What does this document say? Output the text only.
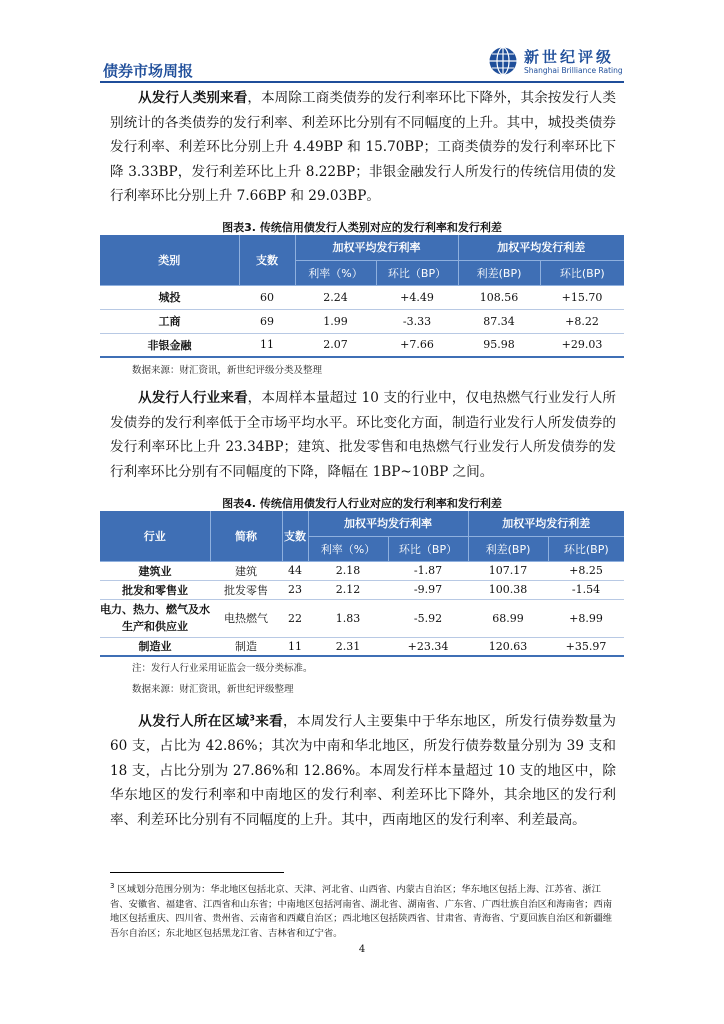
债券市场周报
新世纪评级
Shanghai Brilliance Rating
从发行人类别来看，本周除工商类债券的发行利率环比下降外，其余按发行人类别统计的各类债券的发行利率、利差环比分别有不同幅度的上升。其中，城投类债券发行利率、利差环比分别上升 4.49BP 和 15.70BP；工商类债券的发行利率环比下降 3.33BP，发行利差环比上升 8.22BP；非银金融发行人所发行的传统信用债的发行利率环比分别上升 7.66BP 和 29.03BP。
图表3. 传统信用债发行人类别对应的发行利率和发行利差
类别	支数	加权平均发行利率		加权平均发行利差	
		利率（%）	环比（BP）	利差(BP)	环比(BP)
城投	60	2.24	+4.49	108.56	+15.70
工商	69	1.99	-3.33	87.34	+8.22
非银金融	11	2.07	+7.66	95.98	+29.03
数据来源：财汇资讯，新世纪评级分类及整理
从发行人行业来看，本周样本量超过 10 支的行业中，仅电热燃气行业发行人所发债券的发行利率低于全市场平均水平。环比变化方面，制造行业发行人所发债券的发行利率环比上升 23.34BP；建筑、批发零售和电热燃气行业发行人所发债券的发行利率环比分别有不同幅度的下降，降幅在 1BP~10BP 之间。
图表4. 传统信用债发行人行业对应的发行利率和发行利差
行业	简称	支数	加权平均发行利率		加权平均发行利差	
			利率（%）	环比（BP）	利差(BP)	环比(BP)
建筑业	建筑	44	2.18	-1.87	107.17	+8.25
批发和零售业	批发零售	23	2.12	-9.97	100.38	-1.54
电力、热力、燃气及水生产和供应业	电热燃气	22	1.83	-5.92	68.99	+8.99
制造业	制造	11	2.31	+23.34	120.63	+35.97
注：发行人行业采用证监会一级分类标准。
数据来源：财汇资讯，新世纪评级整理
从发行人所在区域$^3$来看，本周发行人主要集中于华东地区，所发行债券数量为 60 支，占比为 42.86%；其次为中南和华北地区，所发行债券数量分别为 39 支和 18 支，占比分别为 27.86%和 12.86%。本周发行样本量超过 10 支的地区中，除华东地区的发行利率和中南地区的发行利率、利差环比下降外，其余地区的发行利率、利差环比分别有不同幅度的上升。其中，西南地区的发行利率、利差最高。
$^3$ 区域划分范围分别为：华北地区包括北京、天津、河北省、山西省、内蒙古自治区；华东地区包括上海、江苏省、浙江省、安徽省、福建省、江西省和山东省；中南地区包括河南省、湖北省、湖南省、广东省、广西壮族自治区和海南省；西南地区包括重庆、四川省、贵州省、云南省和西藏自治区；西北地区包括陕西省、甘肃省、青海省、宁夏回族自治区和新疆维吾尔自治区；东北地区包括黑龙江省、吉林省和辽宁省。
4
